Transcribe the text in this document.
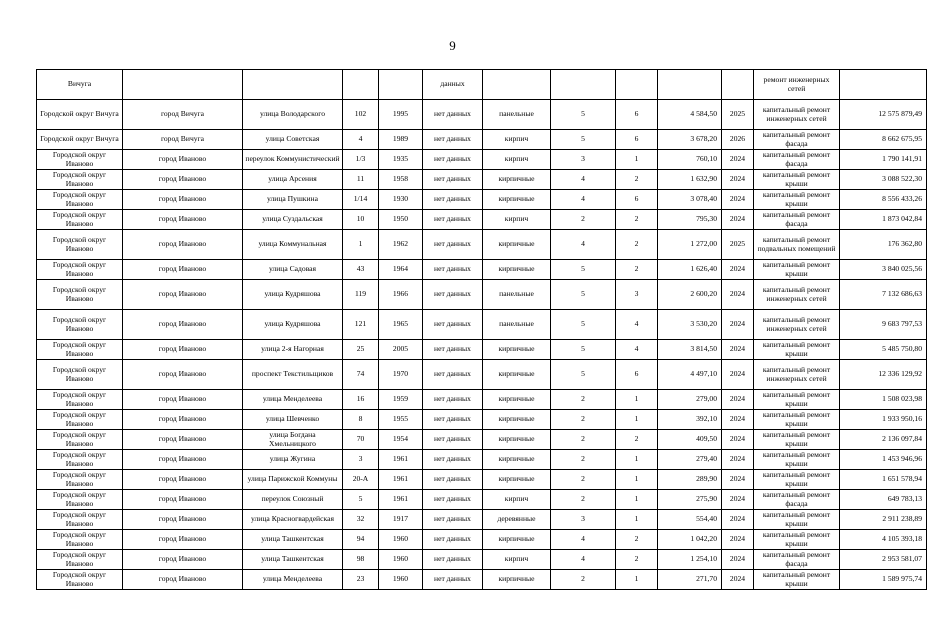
9
Вичуга					данных						ремонт инженерных сетей	
Городской округ Вичуга	город Вичуга	улица Володарского	102	1995	нет данных	панельные	5	6	4 584,50	2025	капитальный ремонт инженерных сетей	12 575 879,49
Городской округ Вичуга	город Вичуга	улица Советская	4	1989	нет данных	кирпич	5	6	3 678,20	2026	капитальный ремонт фасада	8 662 675,95
Городской округ Иваново	город Иваново	переулок Коммунистический	1/3	1935	нет данных	кирпич	3	1	760,10	2024	капитальный ремонт фасада	1 790 141,91
Городской округ Иваново	город Иваново	улица Арсения	11	1958	нет данных	кирпичные	4	2	1 632,90	2024	капитальный ремонт крыши	3 088 522,30
Городской округ Иваново	город Иваново	улица Пушкина	1/14	1930	нет данных	кирпичные	4	6	3 078,40	2024	капитальный ремонт крыши	8 556 433,26
Городской округ Иваново	город Иваново	улица Суздальская	10	1950	нет данных	кирпич	2	2	795,30	2024	капитальный ремонт фасада	1 873 042,84
Городской округ Иваново	город Иваново	улица Коммунальная	1	1962	нет данных	кирпичные	4	2	1 272,00	2025	капитальный ремонт подвальных помещений	176 362,80
Городской округ Иваново	город Иваново	улица Садовая	43	1964	нет данных	кирпичные	5	2	1 626,40	2024	капитальный ремонт крыши	3 840 025,56
Городской округ Иваново	город Иваново	улица Кудряшова	119	1966	нет данных	панельные	5	3	2 600,20	2024	капитальный ремонт инженерных сетей	7 132 686,63
Городской округ Иваново	город Иваново	улица Кудряшова	121	1965	нет данных	панельные	5	4	3 530,20	2024	капитальный ремонт инженерных сетей	9 683 797,53
Городской округ Иваново	город Иваново	улица 2-я Нагорная	25	2005	нет данных	кирпичные	5	4	3 814,50	2024	капитальный ремонт крыши	5 485 750,80
Городской округ Иваново	город Иваново	проспект Текстильщиков	74	1970	нет данных	кирпичные	5	6	4 497,10	2024	капитальный ремонт инженерных сетей	12 336 129,92
Городской округ Иваново	город Иваново	улица Менделеева	16	1959	нет данных	кирпичные	2	1	279,00	2024	капитальный ремонт крыши	1 508 023,98
Городской округ Иваново	город Иваново	улица Шевченко	8	1955	нет данных	кирпичные	2	1	392,10	2024	капитальный ремонт крыши	1 933 950,16
Городской округ Иваново	город Иваново	улица Богдана Хмельницкого	70	1954	нет данных	кирпичные	2	2	409,50	2024	капитальный ремонт крыши	2 136 097,84
Городской округ Иваново	город Иваново	улица Жугина	3	1961	нет данных	кирпичные	2	1	279,40	2024	капитальный ремонт крыши	1 453 946,96
Городской округ Иваново	город Иваново	улица Парижской Коммуны	20-А	1961	нет данных	кирпичные	2	1	289,90	2024	капитальный ремонт крыши	1 651 578,94
Городской округ Иваново	город Иваново	переулок Союзный	5	1961	нет данных	кирпич	2	1	275,90	2024	капитальный ремонт фасада	649 783,13
Городской округ Иваново	город Иваново	улица Красногвардейская	32	1917	нет данных	деревянные	3	1	554,40	2024	капитальный ремонт крыши	2 911 238,89
Городской округ Иваново	город Иваново	улица Ташкентская	94	1960	нет данных	кирпичные	4	2	1 042,20	2024	капитальный ремонт крыши	4 105 393,18
Городской округ Иваново	город Иваново	улица Ташкентская	98	1960	нет данных	кирпич	4	2	1 254,10	2024	капитальный ремонт фасада	2 953 581,07
Городской округ Иваново	город Иваново	улица Менделеева	23	1960	нет данных	кирпичные	2	1	271,70	2024	капитальный ремонт крыши	1 589 975,74
